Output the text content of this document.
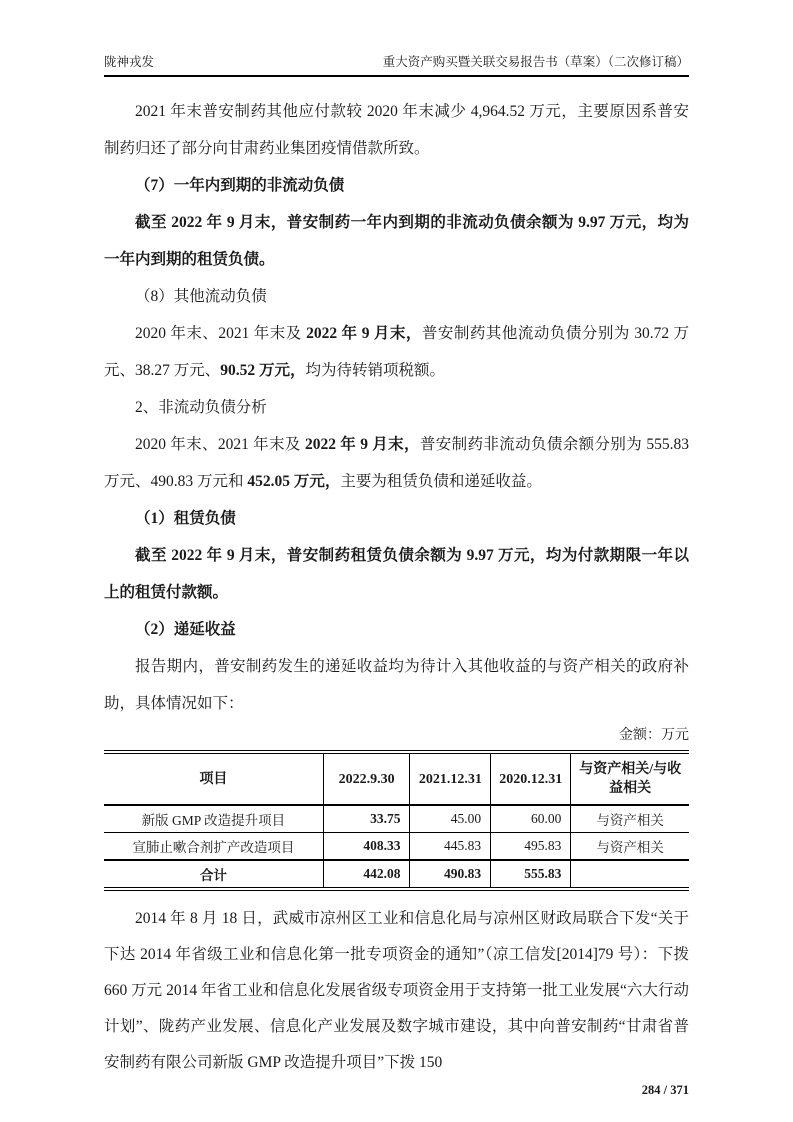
陇神戎发	重大资产购买暨关联交易报告书（草案）（二次修订稿）

2021 年末普安制药其他应付款较 2020 年末减少 4,964.52 万元，主要原因系普安制药归还了部分向甘肃药业集团疫情借款所致。

（7）一年内到期的非流动负债

截至 2022 年 9 月末，普安制药一年内到期的非流动负债余额为 9.97 万元，均为一年内到期的租赁负债。

（8）其他流动负债

2020 年末、2021 年末及 2022 年 9 月末，普安制药其他流动负债分别为 30.72 万元、38.27 万元、90.52 万元，均为待转销项税额。

2、非流动负债分析

2020 年末、2021 年末及 2022 年 9 月末，普安制药非流动负债余额分别为 555.83 万元、490.83 万元和 452.05 万元，主要为租赁负债和递延收益。

（1）租赁负债

截至 2022 年 9 月末，普安制药租赁负债余额为 9.97 万元，均为付款期限一年以上的租赁付款额。

（2）递延收益

报告期内，普安制药发生的递延收益均为待计入其他收益的与资产相关的政府补助，具体情况如下：

金额：万元
项目	2022.9.30	2021.12.31	2020.12.31	与资产相关/与收益相关
新版 GMP 改造提升项目	33.75	45.00	60.00	与资产相关
宣肺止嗽合剂扩产改造项目	408.33	445.83	495.83	与资产相关
合计	442.08	490.83	555.83	

2014 年 8 月 18 日，武威市凉州区工业和信息化局与凉州区财政局联合下发“关于下达 2014 年省级工业和信息化第一批专项资金的通知”（凉工信发[2014]79 号）：下拨 660 万元 2014 年省工业和信息化发展省级专项资金用于支持第一批工业发展“六大行动计划”、陇药产业发展、信息化产业发展及数字城市建设，其中向普安制药“甘肃省普安制药有限公司新版 GMP 改造提升项目”下拨 150

284 / 371
